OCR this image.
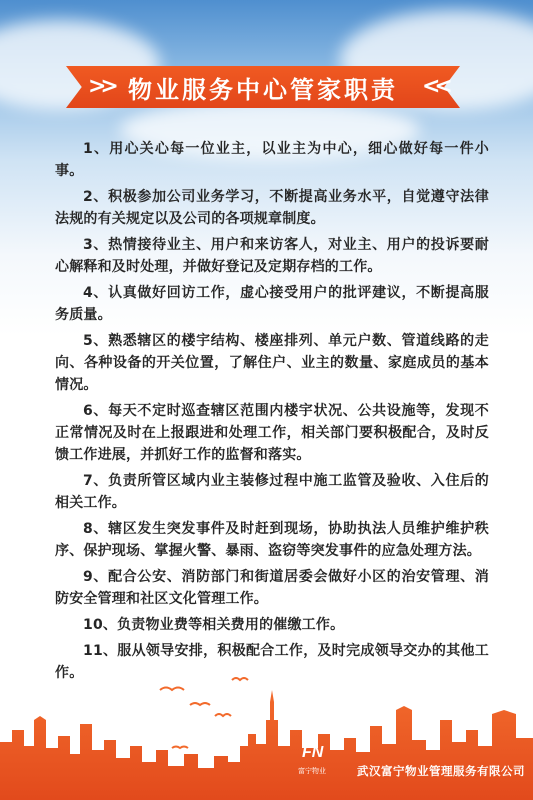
>>	<<
物业服务中心管家职责

1、用心关心每一位业主，以业主为中心，细心做好每一件小事。

2、积极参加公司业务学习，不断提高业务水平，自觉遵守法律法规的有关规定以及公司的各项规章制度。

3、热情接待业主、用户和来访客人，对业主、用户的投诉要耐心解释和及时处理，并做好登记及定期存档的工作。

4、认真做好回访工作，虚心接受用户的批评建议，不断提高服务质量。

5、熟悉辖区的楼宇结构、楼座排列、单元户数、管道线路的走向、各种设备的开关位置，了解住户、业主的数量、家庭成员的基本情况。

6、每天不定时巡查辖区范围内楼宇状况、公共设施等，发现不正常情况及时在上报跟进和处理工作，相关部门要积极配合，及时反馈工作进展，并抓好工作的监督和落实。

7、负责所管区域内业主装修过程中施工监管及验收、入住后的相关工作。

8、辖区发生突发事件及时赶到现场，协助执法人员维护维护秩序、保护现场、掌握火警、暴雨、盗窃等突发事件的应急处理方法。

9、配合公安、消防部门和街道居委会做好小区的治安管理、消防安全管理和社区文化管理工作。

10、负责物业费等相关费用的催缴工作。

11、服从领导安排，积极配合工作，及时完成领导交办的其他工作。

FN
富宁物业	武汉富宁物业管理服务有限公司
